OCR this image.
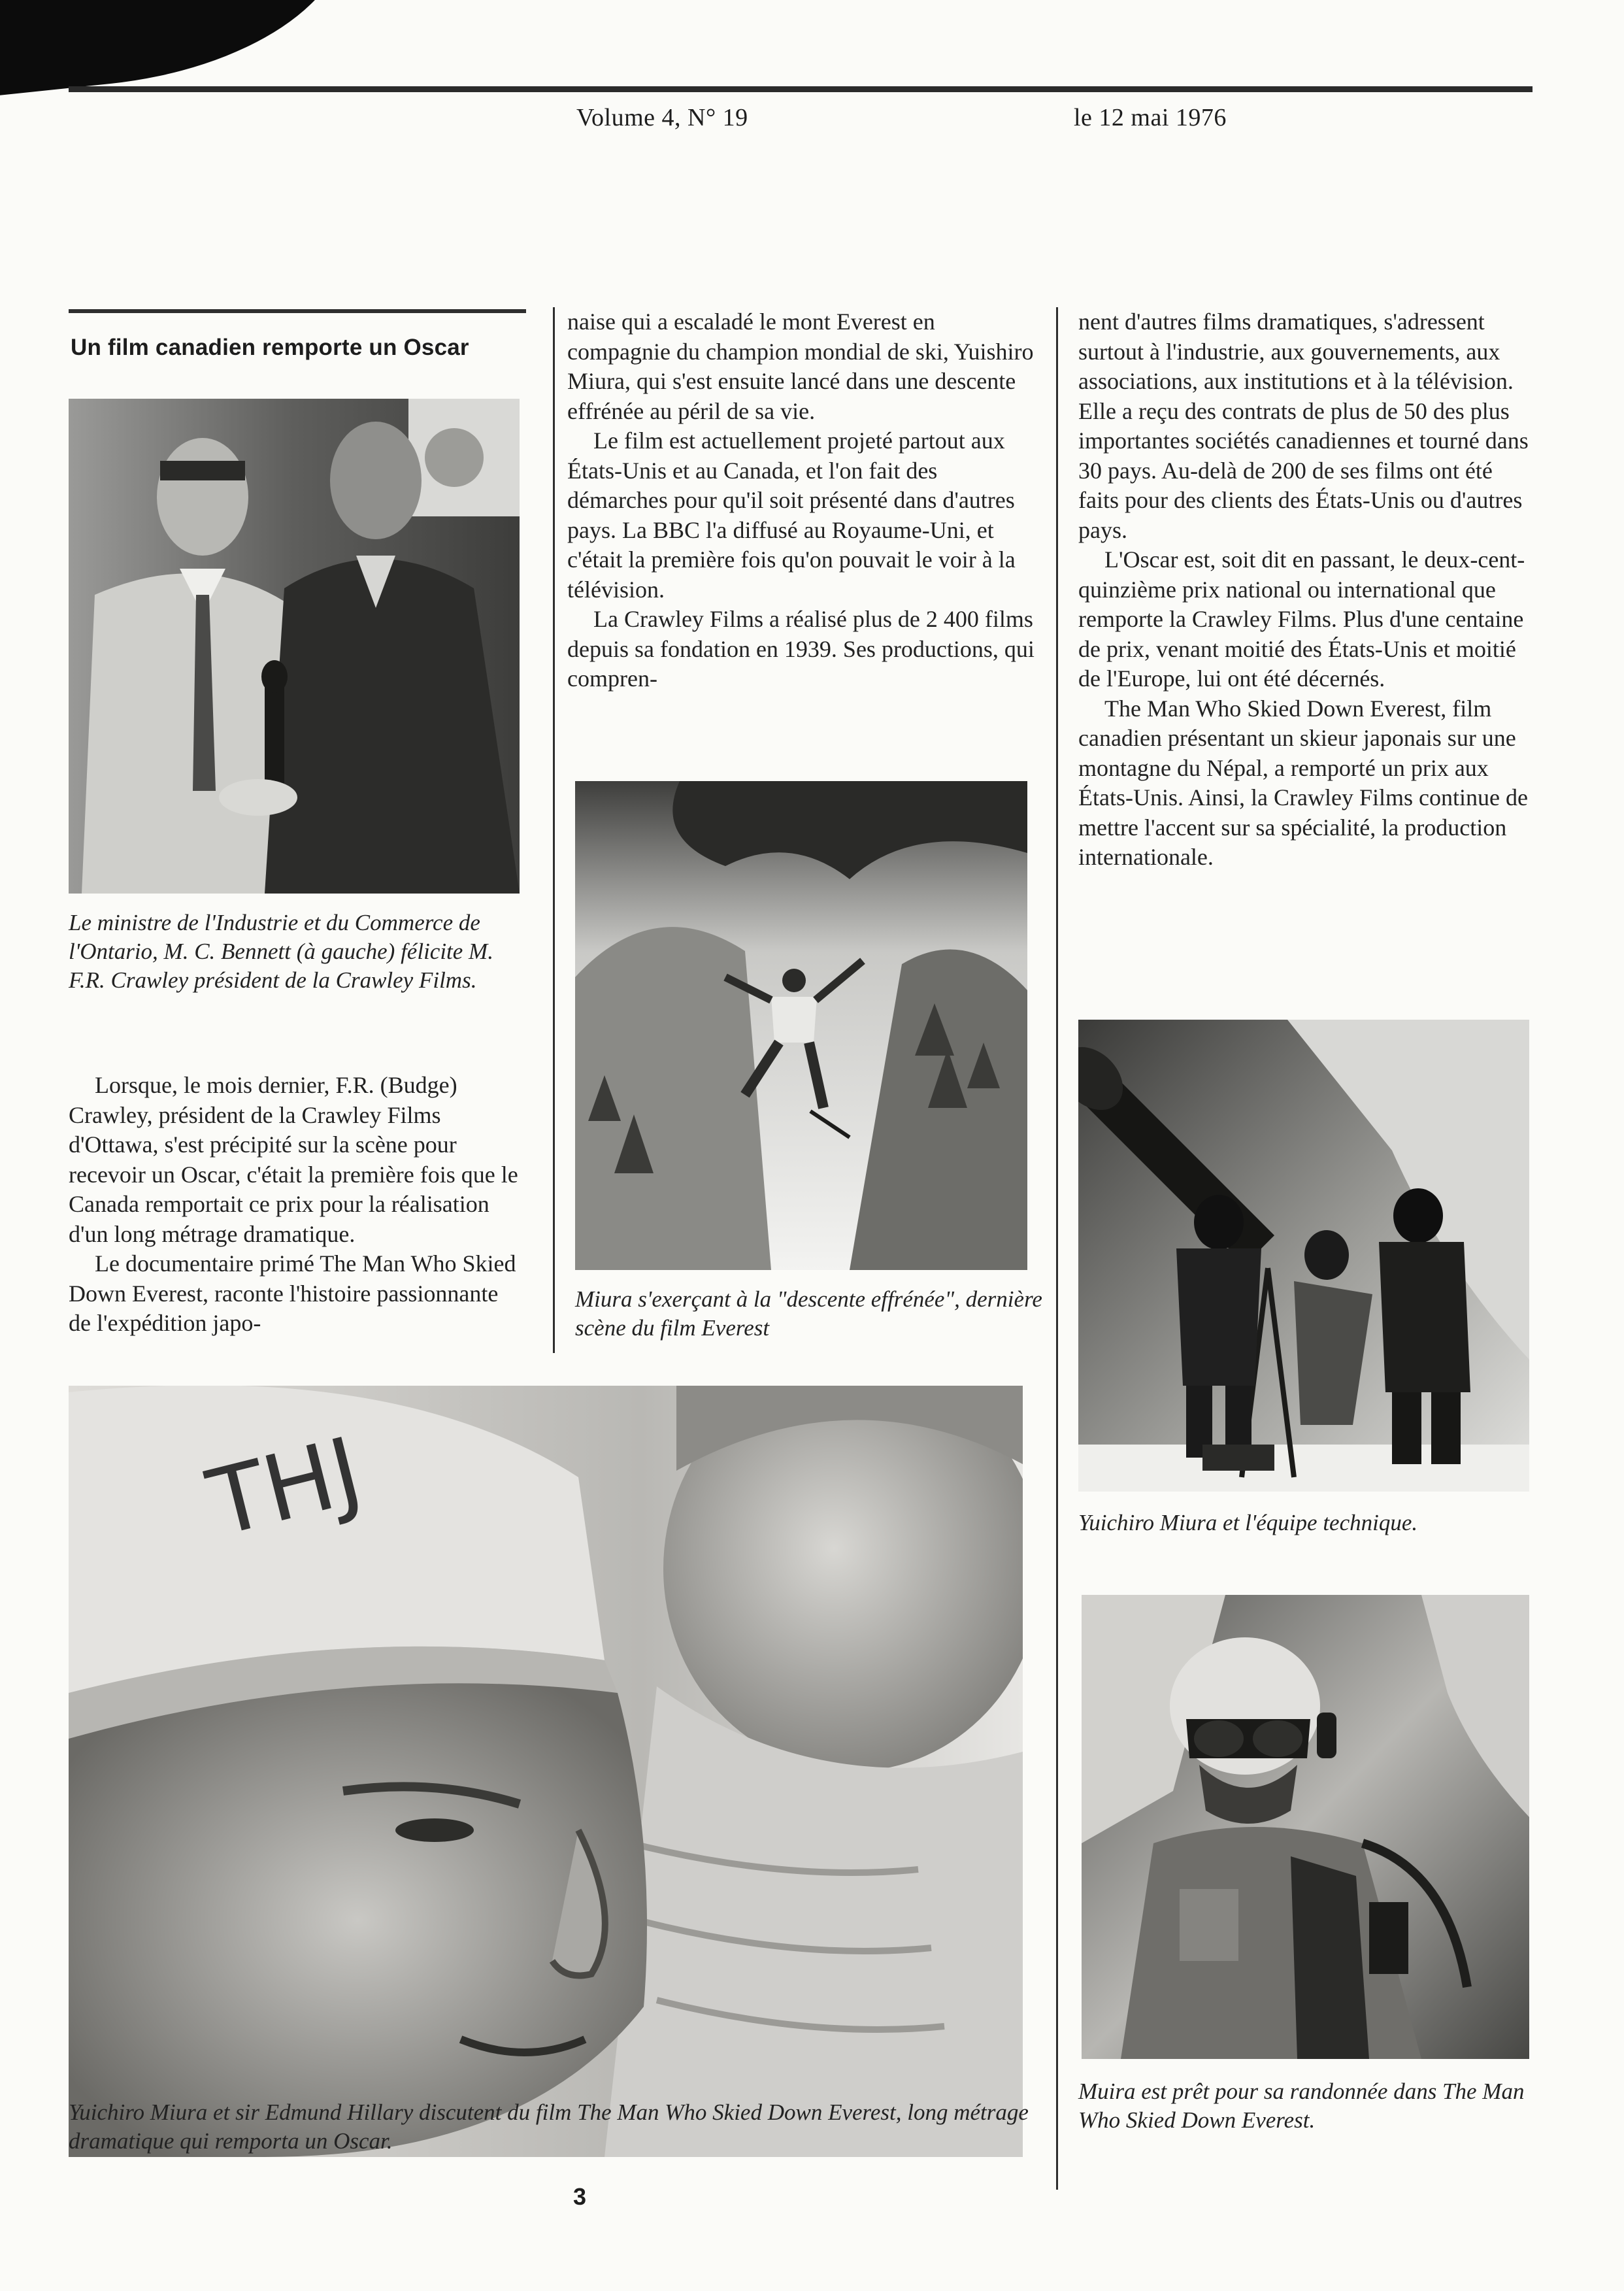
Volume 4, N° 19	le 12 mai 1976
Un film canadien remporte un Oscar
Le ministre de l'Industrie et du Commerce de l'Ontario, M. C. Bennett (à gauche) félicite M. F.R. Crawley président de la Crawley Films.

Lorsque, le mois dernier, F.R. (Budge) Crawley, président de la Crawley Films d'Ottawa, s'est précipité sur la scène pour recevoir un Oscar, c'était la première fois que le Canada remportait ce prix pour la réalisation d'un long métrage dramatique.

Le documentaire primé The Man Who Skied Down Everest, raconte l'histoire passionnante de l'expédition japo-

naise qui a escaladé le mont Everest en compagnie du champion mondial de ski, Yuishiro Miura, qui s'est ensuite lancé dans une descente effrénée au péril de sa vie.

Le film est actuellement projeté partout aux États-Unis et au Canada, et l'on fait des démarches pour qu'il soit présenté dans d'autres pays. La BBC l'a diffusé au Royaume-Uni, et c'était la première fois qu'on pouvait le voir à la télévision.

La Crawley Films a réalisé plus de 2 400 films depuis sa fondation en 1939. Ses productions, qui compren-

Miura s'exerçant à la "descente effrénée", dernière scène du film Everest

nent d'autres films dramatiques, s'adressent surtout à l'industrie, aux gouvernements, aux associations, aux institutions et à la télévision. Elle a reçu des contrats de plus de 50 des plus importantes sociétés canadiennes et tourné dans 30 pays. Au-delà de 200 de ses films ont été faits pour des clients des États-Unis ou d'autres pays.

L'Oscar est, soit dit en passant, le deux-cent-quinzième prix national ou international que remporte la Crawley Films. Plus d'une centaine de prix, venant moitié des États-Unis et moitié de l'Europe, lui ont été décernés.

The Man Who Skied Down Everest, film canadien présentant un skieur japonais sur une montagne du Népal, a remporté un prix aux États-Unis. Ainsi, la Crawley Films continue de mettre l'accent sur sa spécialité, la production internationale.

Yuichiro Miura et l'équipe technique.
THJ
Yuichiro Miura et sir Edmund Hillary discutent du film The Man Who Skied Down Everest, long métrage dramatique qui remporta un Oscar.
Muira est prêt pour sa randonnée dans The Man Who Skied Down Everest.
3
